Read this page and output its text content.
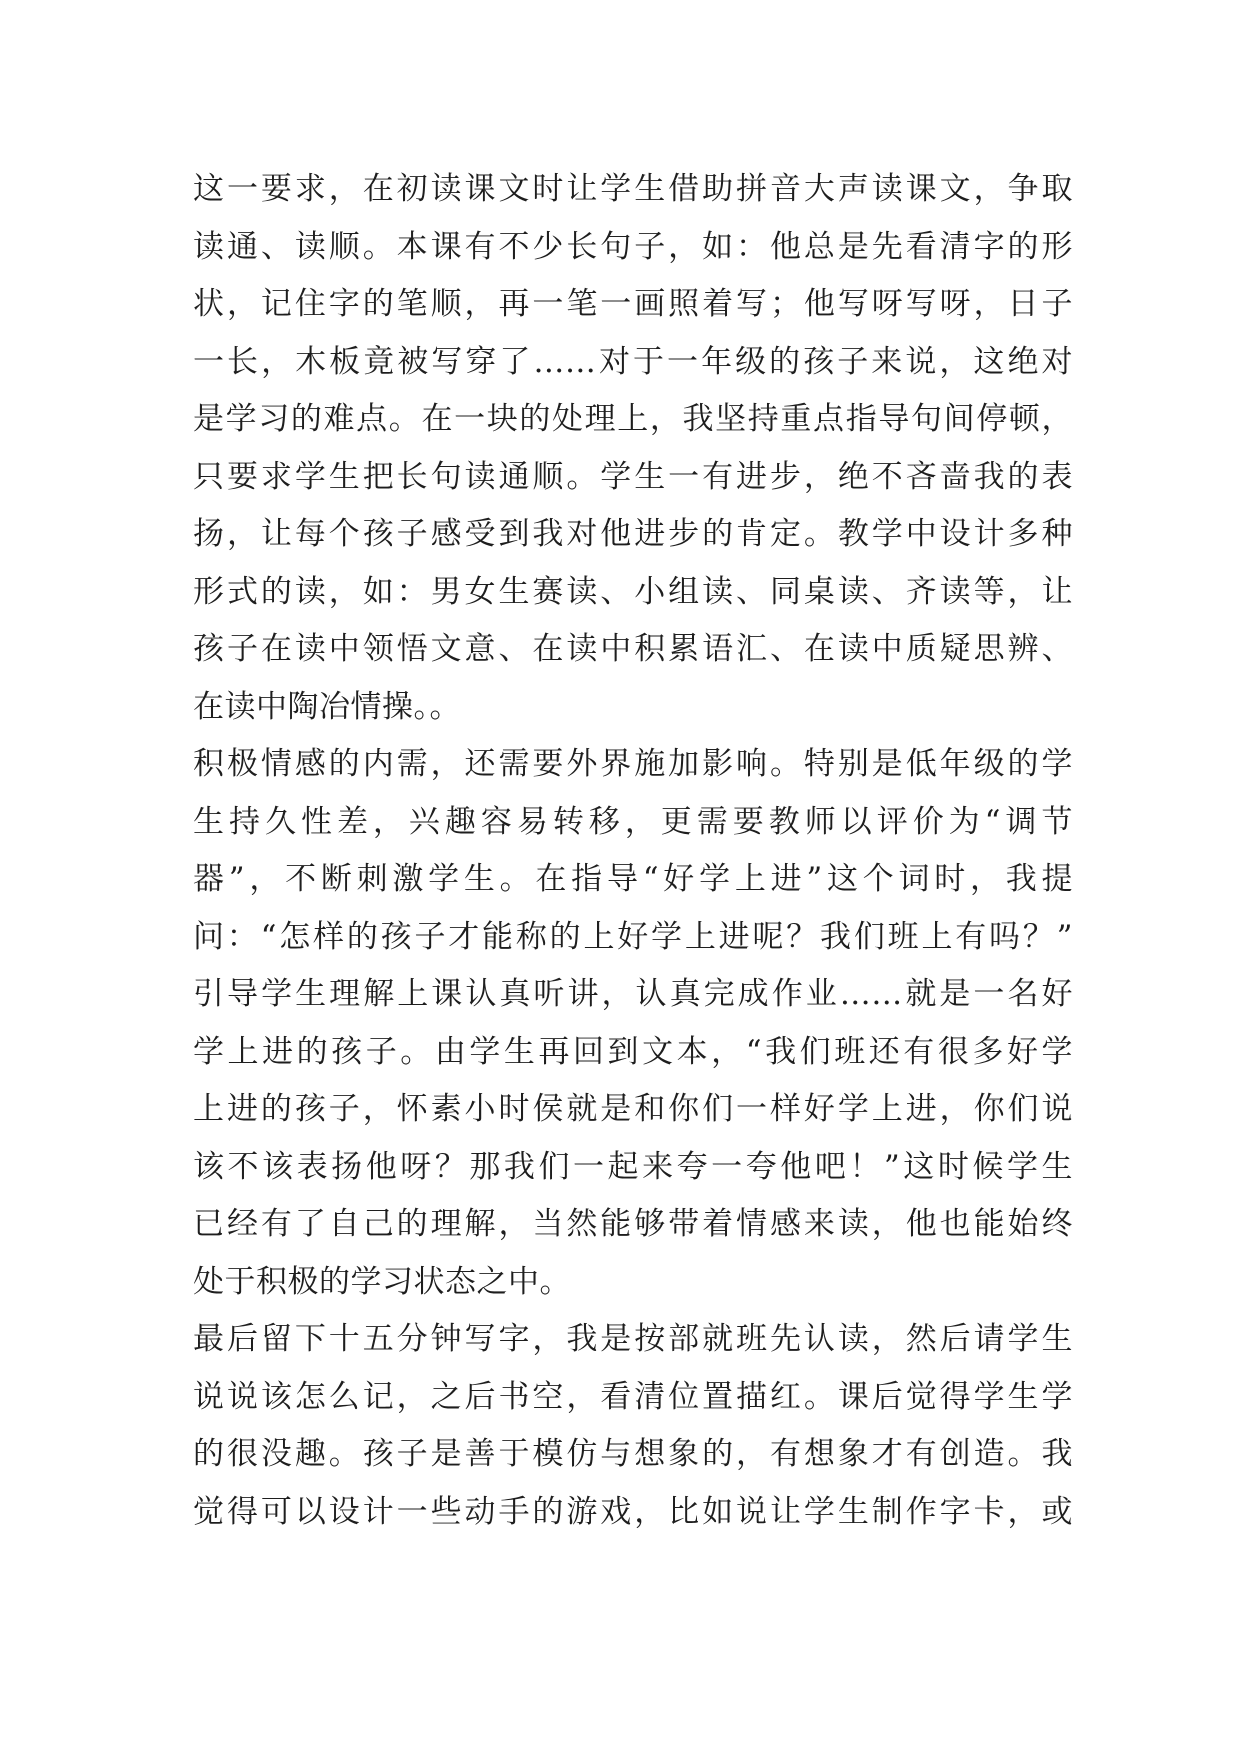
这一要求，在初读课文时让学生借助拼音大声读课文，争取
读通、读顺。本课有不少长句子，如：他总是先看清字的形
状，记住字的笔顺，再一笔一画照着写；他写呀写呀，日子
一长，木板竟被写穿了……对于一年级的孩子来说，这绝对
是学习的难点。在一块的处理上，我坚持重点指导句间停顿，
只要求学生把长句读通顺。学生一有进步，绝不吝啬我的表
扬，让每个孩子感受到我对他进步的肯定。教学中设计多种
形式的读，如：男女生赛读、小组读、同桌读、齐读等，让
孩子在读中领悟文意、在读中积累语汇、在读中质疑思辨、
在读中陶冶情操。。
积极情感的内需，还需要外界施加影响。特别是低年级的学
生持久性差，兴趣容易转移，更需要教师以评价为“调节
器”，不断刺激学生。在指导“好学上进”这个词时，我提
问：“怎样的孩子才能称的上好学上进呢？我们班上有吗？”
引导学生理解上课认真听讲，认真完成作业……就是一名好
学上进的孩子。由学生再回到文本，“我们班还有很多好学
上进的孩子，怀素小时侯就是和你们一样好学上进，你们说
该不该表扬他呀？那我们一起来夸一夸他吧！”这时候学生
已经有了自己的理解，当然能够带着情感来读，他也能始终
处于积极的学习状态之中。
最后留下十五分钟写字，我是按部就班先认读，然后请学生
说说该怎么记，之后书空，看清位置描红。课后觉得学生学
的很没趣。孩子是善于模仿与想象的，有想象才有创造。我
觉得可以设计一些动手的游戏，比如说让学生制作字卡，或
